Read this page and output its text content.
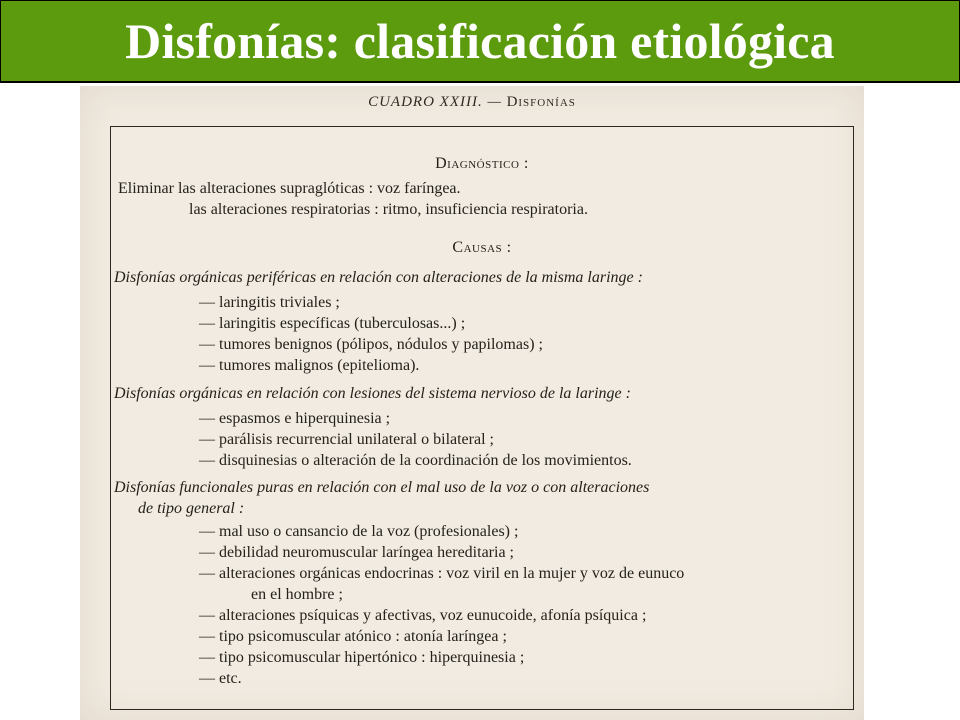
Disfonías: clasificación etiológica
CUADRO XXIII. — Disfonías
Diagnóstico :
Eliminar las alteraciones supraglóticas : voz faríngea.
las alteraciones respiratorias : ritmo, insuficiencia respiratoria.
Causas :
Disfonías orgánicas periféricas en relación con alteraciones de la misma laringe :
— laringitis triviales ;
— laringitis específicas (tuberculosas...) ;
— tumores benignos (pólipos, nódulos y papilomas) ;
— tumores malignos (epitelioma).
Disfonías orgánicas en relación con lesiones del sistema nervioso de la laringe :
— espasmos e hiperquinesia ;
— parálisis recurrencial unilateral o bilateral ;
— disquinesias o alteración de la coordinación de los movimientos.
Disfonías funcionales puras en relación con el mal uso de la voz o con alteraciones
de tipo general :
— mal uso o cansancio de la voz (profesionales) ;
— debilidad neuromuscular laríngea hereditaria ;
— alteraciones orgánicas endocrinas : voz viril en la mujer y voz de eunuco
en el hombre ;
— alteraciones psíquicas y afectivas, voz eunucoide, afonía psíquica ;
— tipo psicomuscular atónico : atonía laríngea ;
— tipo psicomuscular hipertónico : hiperquinesia ;
— etc.
